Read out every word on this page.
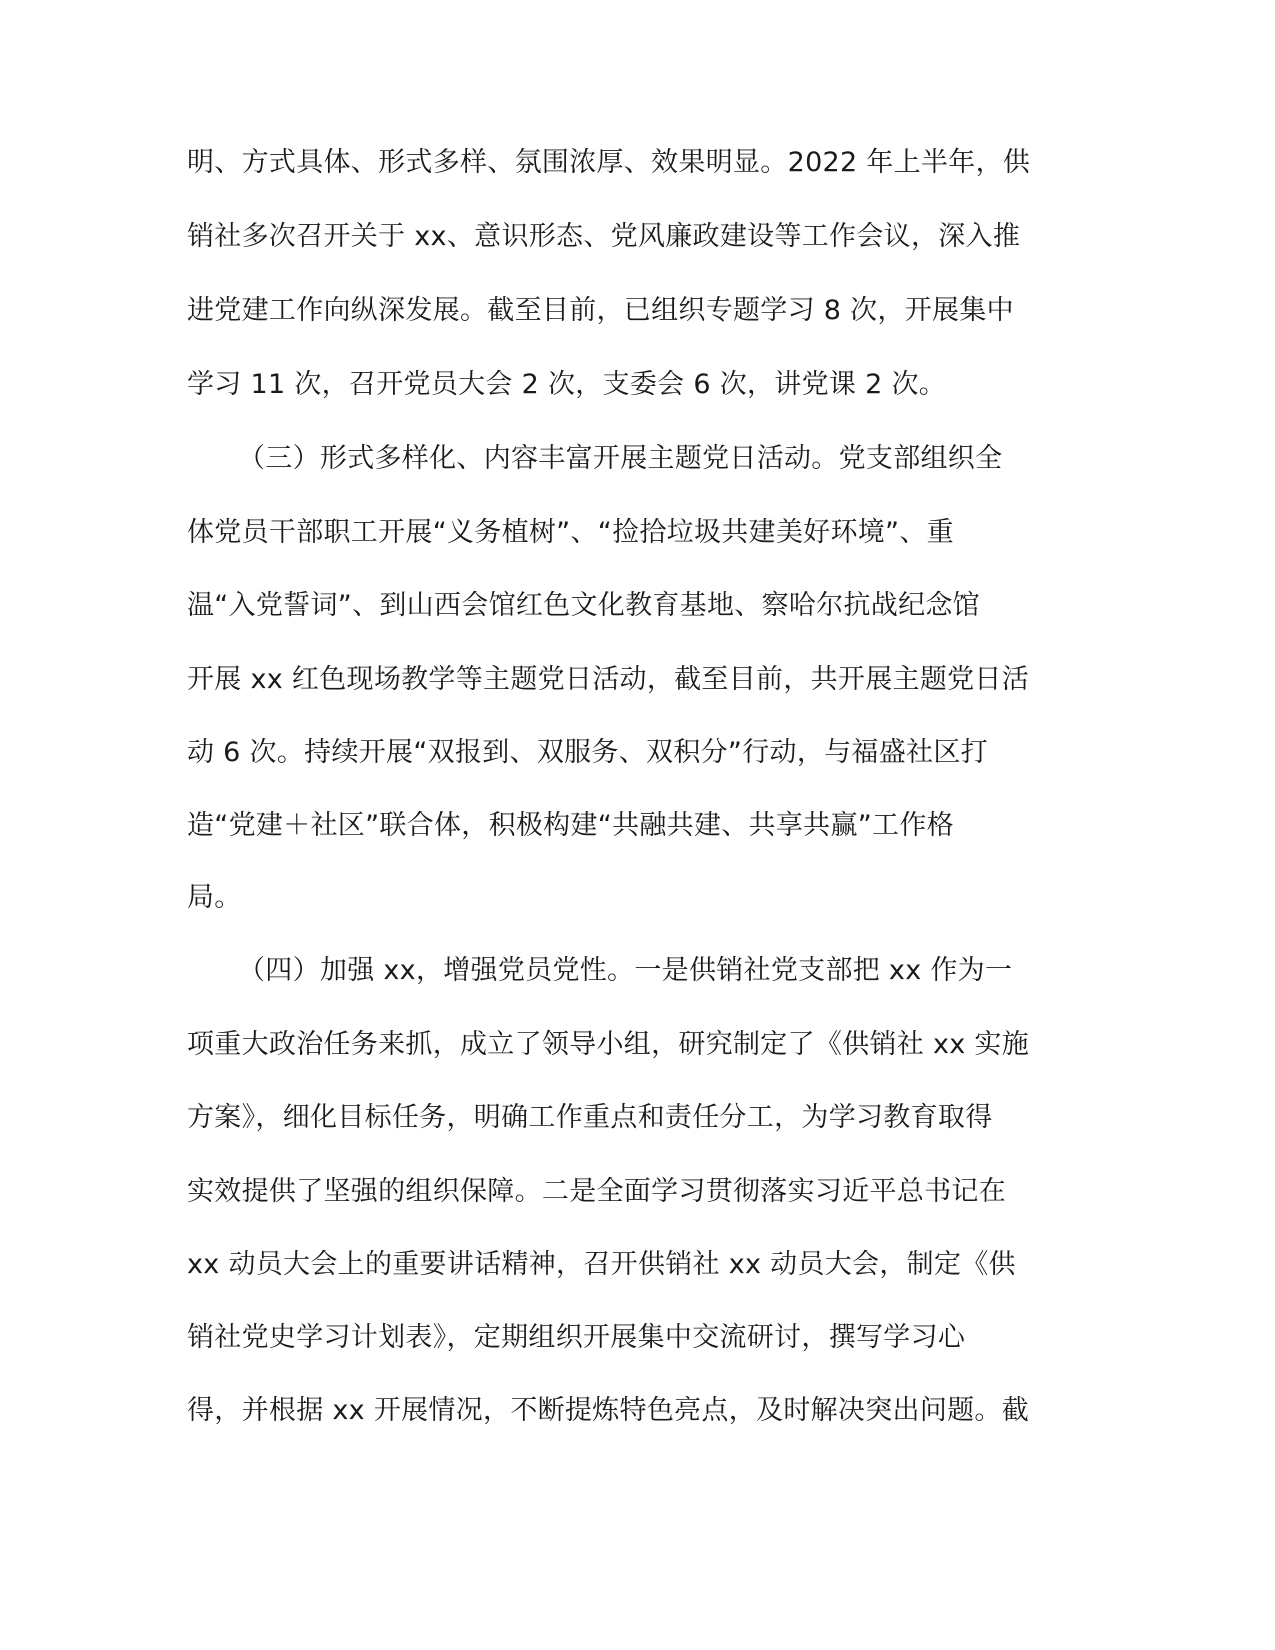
明、方式具体、形式多样、氛围浓厚、效果明显。2022 年上半年，供
销社多次召开关于 xx、意识形态、党风廉政建设等工作会议，深入推
进党建工作向纵深发展。截至目前，已组织专题学习 8 次，开展集中
学习 11 次，召开党员大会 2 次，支委会 6 次，讲党课 2 次。
（三）形式多样化、内容丰富开展主题党日活动。党支部组织全
体党员干部职工开展“义务植树”、“捡拾垃圾共建美好环境”、重
温“入党誓词”、到山西会馆红色文化教育基地、察哈尔抗战纪念馆
开展 xx 红色现场教学等主题党日活动，截至目前，共开展主题党日活
动 6 次。持续开展“双报到、双服务、双积分”行动，与福盛社区打
造“党建＋社区”联合体，积极构建“共融共建、共享共赢”工作格
局。
（四）加强 xx，增强党员党性。一是供销社党支部把 xx 作为一
项重大政治任务来抓，成立了领导小组，研究制定了《供销社 xx 实施
方案》，细化目标任务，明确工作重点和责任分工，为学习教育取得
实效提供了坚强的组织保障。二是全面学习贯彻落实习近平总书记在
xx 动员大会上的重要讲话精神，召开供销社 xx 动员大会，制定《供
销社党史学习计划表》，定期组织开展集中交流研讨，撰写学习心
得，并根据 xx 开展情况，不断提炼特色亮点，及时解决突出问题。截
